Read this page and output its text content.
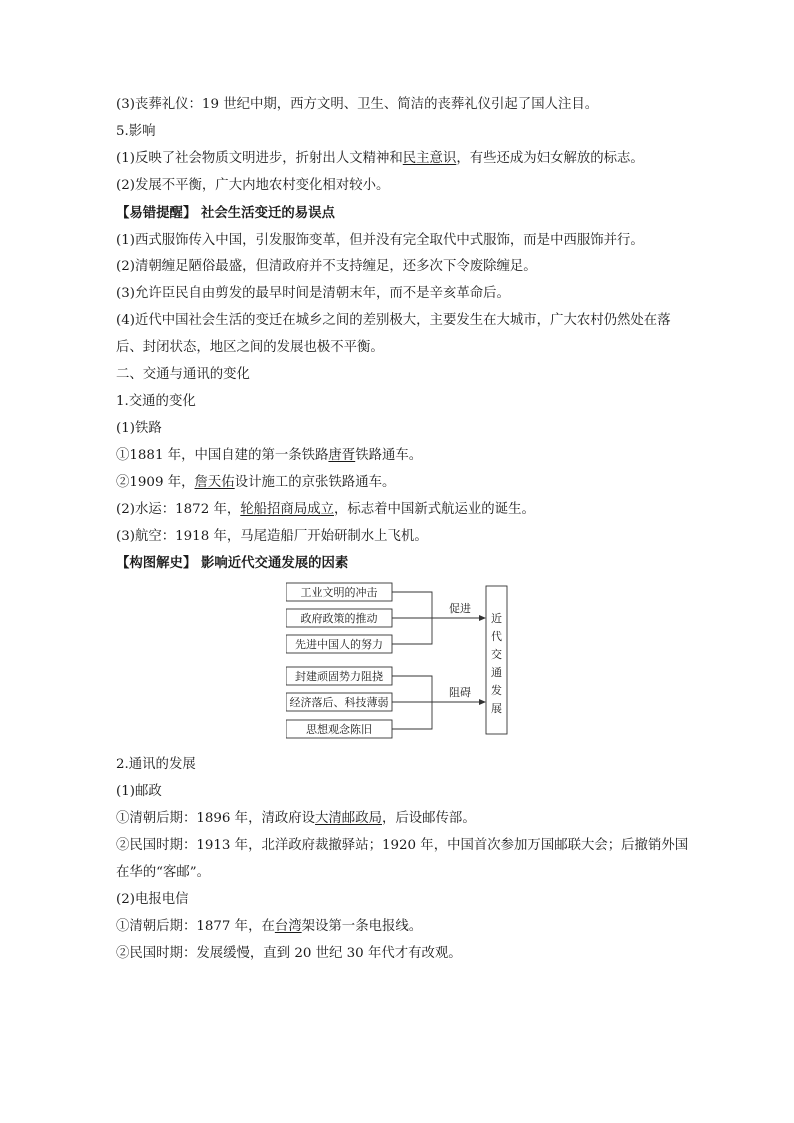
(3)丧葬礼仪：19 世纪中期，西方文明、卫生、简洁的丧葬礼仪引起了国人注目。
5.影响
(1)反映了社会物质文明进步，折射出人文精神和民主意识，有些还成为妇女解放的标志。
(2)发展不平衡，广大内地农村变化相对较小。
【易错提醒】 社会生活变迁的易误点
(1)西式服饰传入中国，引发服饰变革，但并没有完全取代中式服饰，而是中西服饰并行。
(2)清朝缠足陋俗最盛，但清政府并不支持缠足，还多次下令废除缠足。
(3)允许臣民自由剪发的最早时间是清朝末年，而不是辛亥革命后。
(4)近代中国社会生活的变迁在城乡之间的差别极大，主要发生在大城市，广大农村仍然处在落后、封闭状态，地区之间的发展也极不平衡。
二、交通与通讯的变化
1.交通的变化
(1)铁路
①1881 年，中国自建的第一条铁路唐胥铁路通车。
②1909 年，詹天佑设计施工的京张铁路通车。
(2)水运：1872 年，轮船招商局成立，标志着中国新式航运业的诞生。
(3)航空：1918 年，马尾造船厂开始研制水上飞机。
【构图解史】 影响近代交通发展的因素
工业文明的冲击
政府政策的推动
先进中国人的努力
促进
封建顽固势力阻挠
经济落后、科技薄弱
思想观念陈旧
阻碍
近
代
交
通
发
展
2.通讯的发展
(1)邮政
①清朝后期：1896 年，清政府设大清邮政局，后设邮传部。
②民国时期：1913 年，北洋政府裁撤驿站；1920 年，中国首次参加万国邮联大会；后撤销外国在华的“客邮”。
(2)电报电信
①清朝后期：1877 年，在台湾架设第一条电报线。
②民国时期：发展缓慢，直到 20 世纪 30 年代才有改观。
